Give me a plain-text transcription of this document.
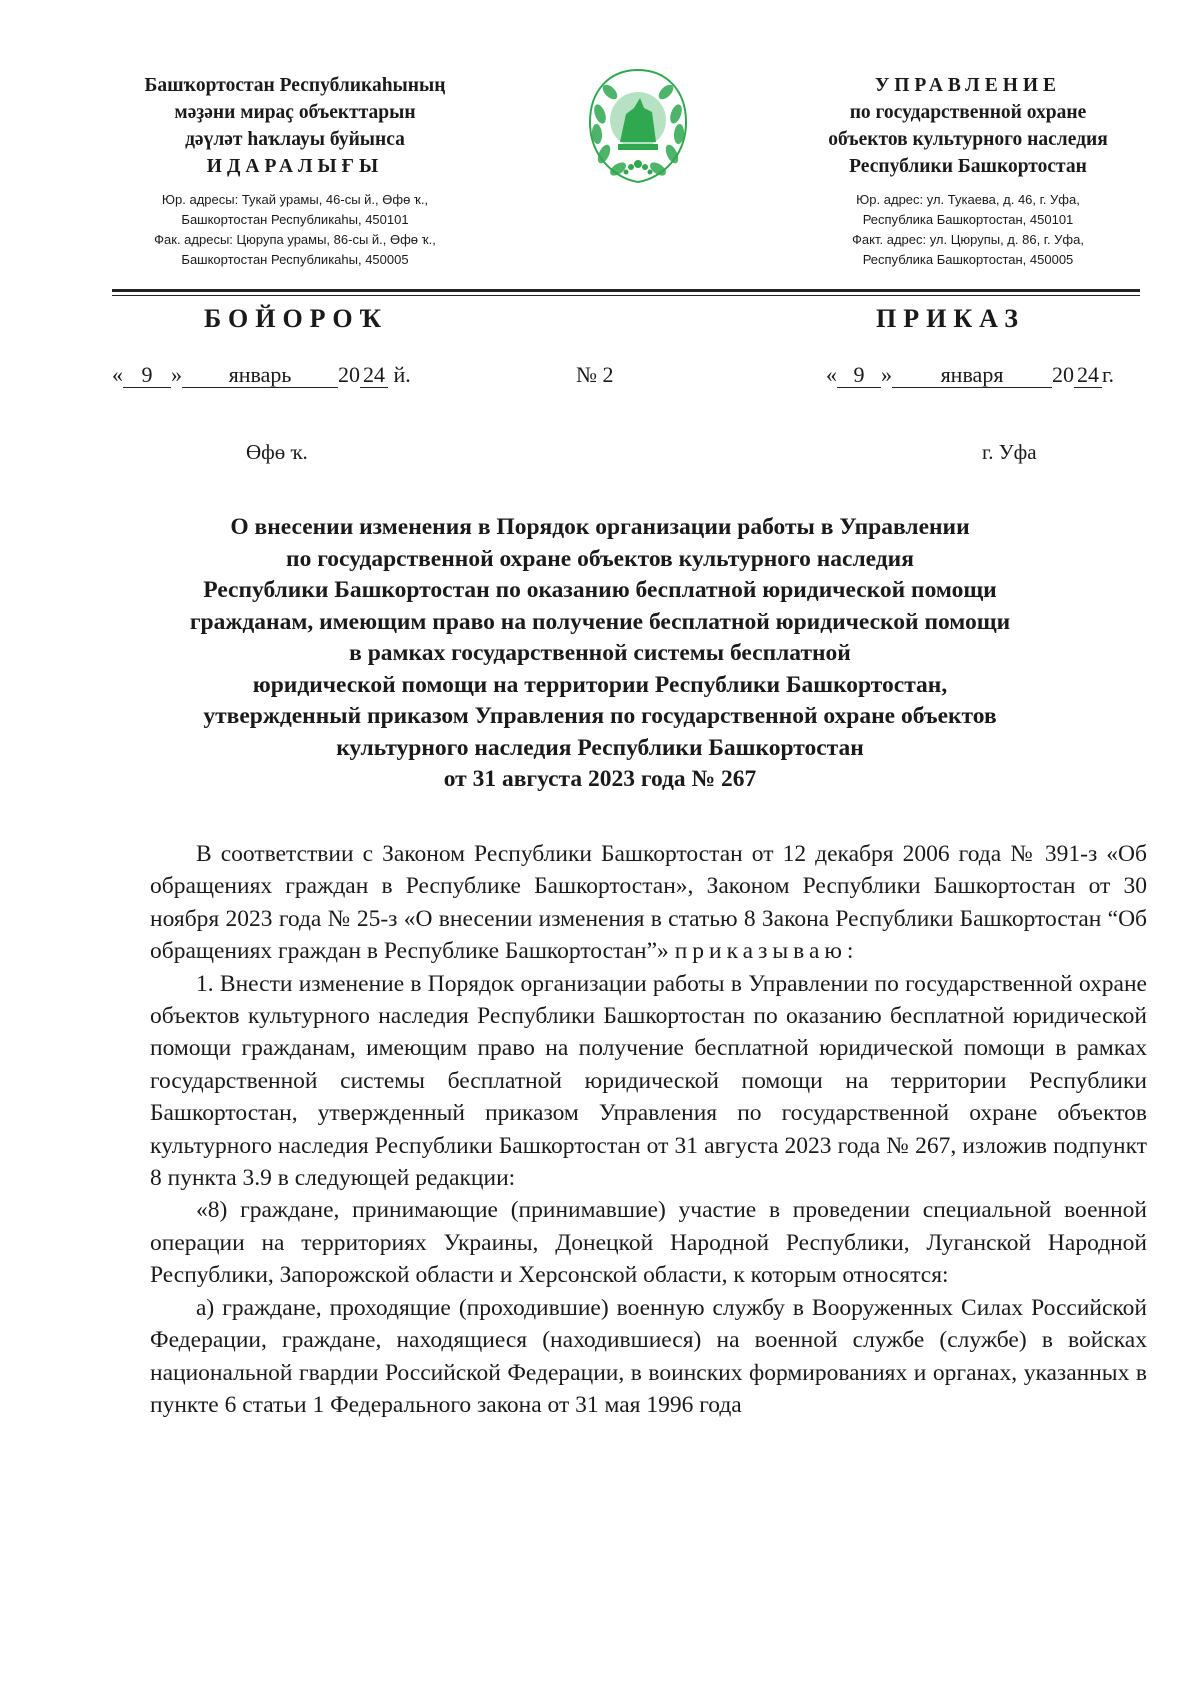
Башҡортостан Республикаһының
мәҙәни мираҫ объекттарын
дәүләт һаҡлауы буйынса
ИДАРАЛЫҒЫ
Юр. адресы: Тукай урамы, 46-сы й., Өфө ҡ.,
Башкортостан Республикаһы, 450101
Фак. адресы: Цюрупа урамы, 86-сы й., Өфө ҡ.,
Башкортостан Республикаһы, 450005
УПРАВЛЕНИЕ
по государственной охране
объектов культурного наследия
Республики Башкортостан
Юр. адрес: ул. Тукаева, д. 46, г. Уфа,
Республика Башкортостан, 450101
Факт. адрес: ул. Цюрупы, д. 86, г. Уфа,
Республика Башкортостан, 450005
БОЙОРОҠ	ПРИКАЗ
« 9 » январь 20 24 й.	№ 2	« 9 » января 20 24 г.
Өфө ҡ.	г. Уфа
О внесении изменения в Порядок организации работы в Управлении
по государственной охране объектов культурного наследия
Республики Башкортостан по оказанию бесплатной юридической помощи
гражданам, имеющим право на получение бесплатной юридической помощи
в рамках государственной системы бесплатной
юридической помощи на территории Республики Башкортостан,
утвержденный приказом Управления по государственной охране объектов
культурного наследия Республики Башкортостан
от 31 августа 2023 года № 267

В соответствии с Законом Республики Башкортостан от 12 декабря 2006 года № 391-з «Об обращениях граждан в Республике Башкортостан», Законом Республики Башкортостан от 30 ноября 2023 года № 25-з «О внесении изменения в статью 8 Закона Республики Башкортостан “Об обращениях граждан в Республике Башкортостан”» приказываю:

1. Внести изменение в Порядок организации работы в Управлении по государственной охране объектов культурного наследия Республики Башкортостан по оказанию бесплатной юридической помощи гражданам, имеющим право на получение бесплатной юридической помощи в рамках государственной системы бесплатной юридической помощи на территории Республики Башкортостан, утвержденный приказом Управления по государственной охране объектов культурного наследия Республики Башкортостан от 31 августа 2023 года № 267, изложив подпункт 8 пункта 3.9 в следующей редакции:

«8) граждане, принимающие (принимавшие) участие в проведении специальной военной операции на территориях Украины, Донецкой Народной Республики, Луганской Народной Республики, Запорожской области и Херсонской области, к которым относятся:

а) граждане, проходящие (проходившие) военную службу в Вооруженных Силах Российской Федерации, граждане, находящиеся (находившиеся) на военной службе (службе) в войсках национальной гвардии Российской Федерации, в воинских формированиях и органах, указанных в пункте 6 статьи 1 Федерального закона от 31 мая 1996 года
